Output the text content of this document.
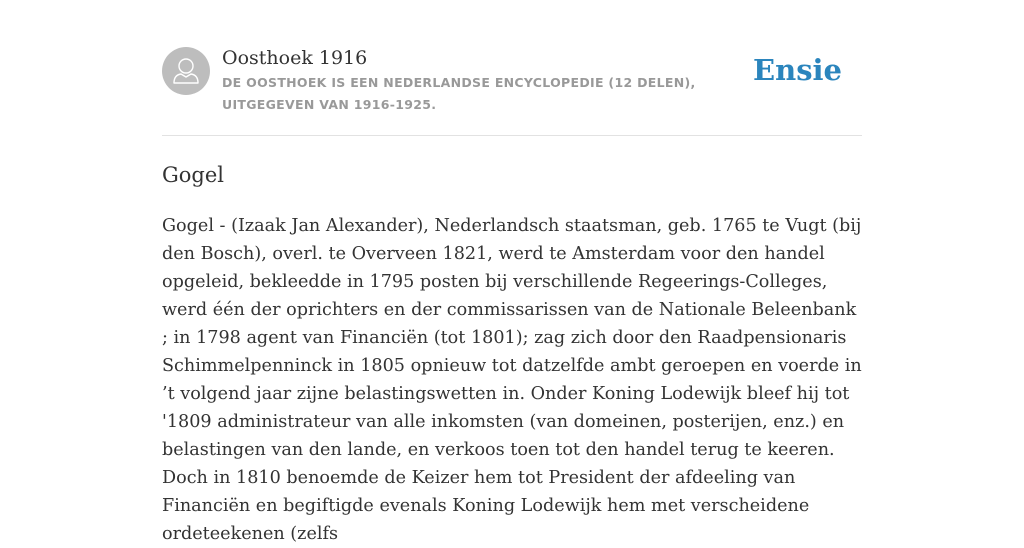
Oosthoek 1916
DE OOSTHOEK IS EEN NEDERLANDSE ENCYCLOPEDIE (12 DELEN), UITGEGEVEN VAN 1916-1925.
Ensie
Gogel

Gogel - (Izaak Jan Alexander), Nederlandsch staatsman, geb. 1765 te Vugt (bij den Bosch), overl. te Overveen 1821, werd te Amsterdam voor den handel opgeleid, bekleedde in 1795 posten bij verschillende Regeerings-Colleges, werd één der oprichters en der commissarissen van de Nationale Beleenbank ; in 1798 agent van Financiën (tot 1801); zag zich door den Raadpensionaris Schimmelpenninck in 1805 opnieuw tot datzelfde ambt geroepen en voerde in ’t volgend jaar zijne belastingswetten in. Onder Koning Lodewijk bleef hij tot '1809 administrateur van alle inkomsten (van domeinen, posterijen, enz.) en belastingen van den lande, en verkoos toen tot den handel terug te keeren. Doch in 1810 benoemde de Keizer hem tot President der afdeeling van Financiën en begiftigde evenals Koning Lodewijk hem met verscheidene ordeteekenen (zelfs
